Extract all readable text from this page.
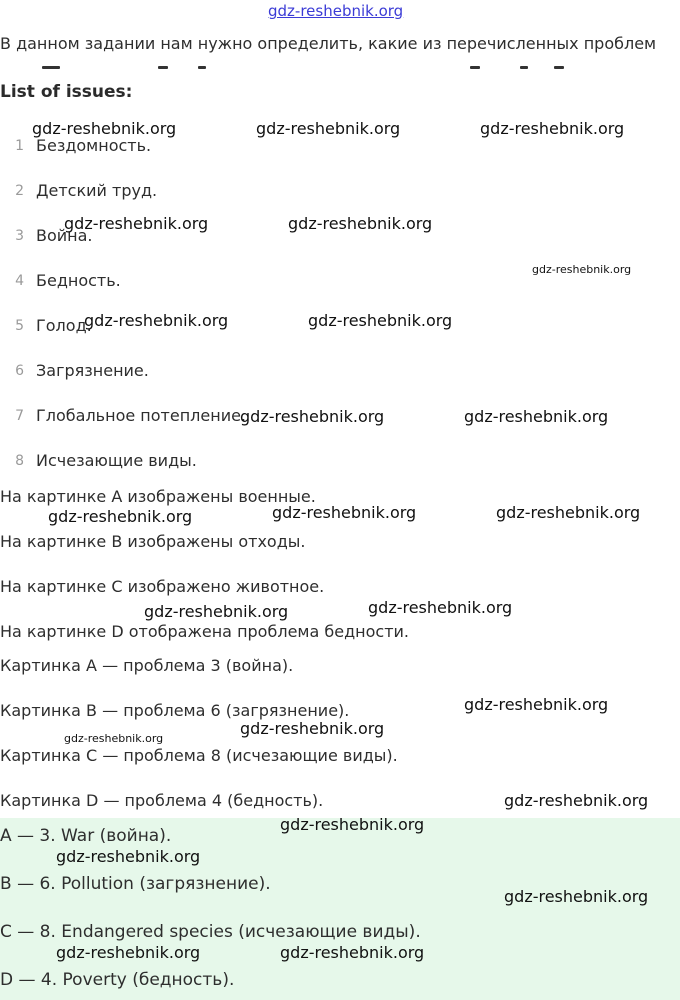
gdz-reshebnik.org
В данном задании нам нужно определить, какие из перечисленных проблем
List of issues:
1 Бездомность.
2 Детский труд.
3 Война.
4 Бедность.
5 Голод.
6 Загрязнение.
7 Глобальное потепление.
8 Исчезающие виды.
На картинке A изображены военные.
На картинке B изображены отходы.
На картинке C изображено животное.
На картинке D отображена проблема бедности.
Картинка A — проблема 3 (война).
Картинка B — проблема 6 (загрязнение).
Картинка C — проблема 8 (исчезающие виды).
Картинка D — проблема 4 (бедность).
A — 3. War (война).
B — 6. Pollution (загрязнение).
C — 8. Endangered species (исчезающие виды).
D — 4. Poverty (бедность).
gdz-reshebnik.org	gdz-reshebnik.org	gdz-reshebnik.org
gdz-reshebnik.org	gdz-reshebnik.org
gdz-reshebnik.org
gdz-reshebnik.org	gdz-reshebnik.org
gdz-reshebnik.org	gdz-reshebnik.org
gdz-reshebnik.org	gdz-reshebnik.org	gdz-reshebnik.org
gdz-reshebnik.org	gdz-reshebnik.org
gdz-reshebnik.org
gdz-reshebnik.org
gdz-reshebnik.org
gdz-reshebnik.org
gdz-reshebnik.org
gdz-reshebnik.org
gdz-reshebnik.org
gdz-reshebnik.org	gdz-reshebnik.org
